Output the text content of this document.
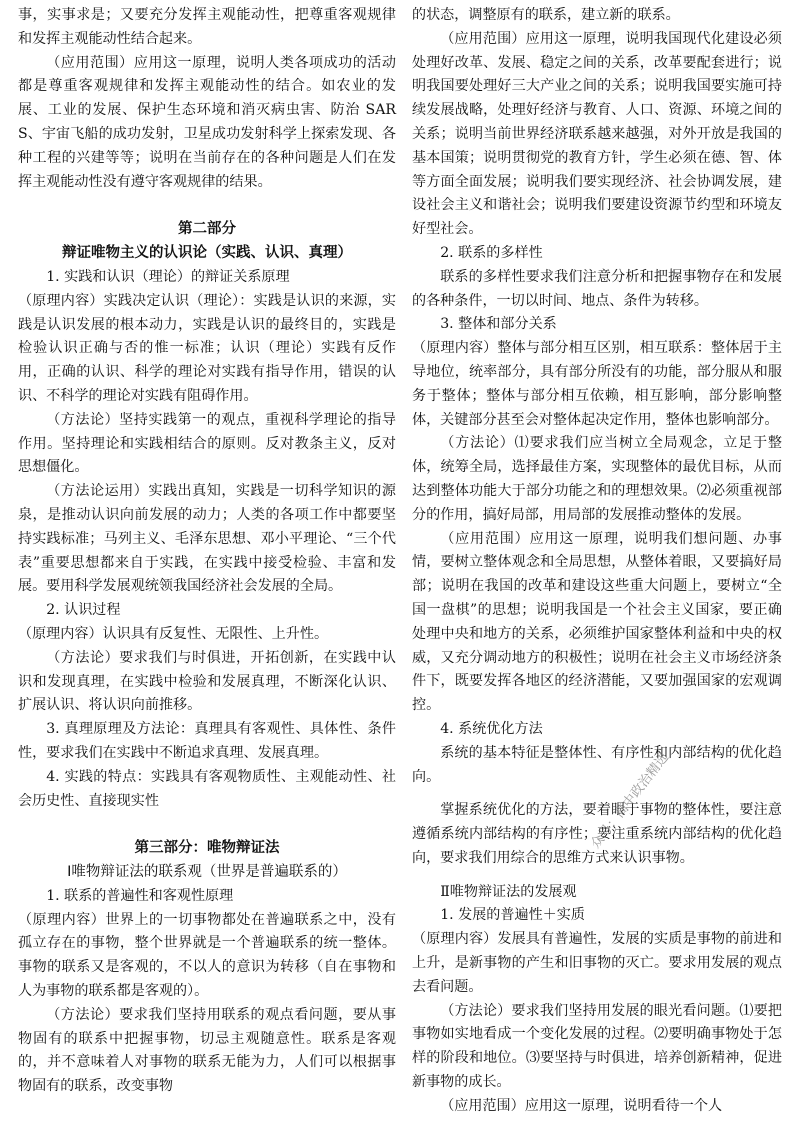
事，实事求是；又要充分发挥主观能动性，把尊重客观规律和发挥主观能动性结合起来。

（应用范围）应用这一原理，说明人类各项成功的活动都是尊重客观规律和发挥主观能动性的结合。如农业的发展、工业的发展、保护生态环境和消灭病虫害、防治 SARS、宇宙飞船的成功发射，卫星成功发射科学上探索发现、各种工程的兴建等等；说明在当前存在的各种问题是人们在发挥主观能动性没有遵守客观规律的结果。

第二部分

辩证唯物主义的认识论（实践、认识、真理）

1. 实践和认识（理论）的辩证关系原理

（原理内容）实践决定认识（理论）：实践是认识的来源，实践是认识发展的根本动力，实践是认识的最终目的，实践是检验认识正确与否的惟一标准；认识（理论）实践有反作用，正确的认识、科学的理论对实践有指导作用，错误的认识、不科学的理论对实践有阻碍作用。

（方法论）坚持实践第一的观点，重视科学理论的指导作用。坚持理论和实践相结合的原则。反对教条主义，反对思想僵化。

（方法论运用）实践出真知，实践是一切科学知识的源泉，是推动认识向前发展的动力；人类的各项工作中都要坚持实践标准；马列主义、毛泽东思想、邓小平理论、“三个代表”重要思想都来自于实践，在实践中接受检验、丰富和发展。要用科学发展观统领我国经济社会发展的全局。

2. 认识过程

（原理内容）认识具有反复性、无限性、上升性。

（方法论）要求我们与时俱进，开拓创新，在实践中认识和发现真理，在实践中检验和发展真理，不断深化认识、扩展认识、将认识向前推移。

3. 真理原理及方法论：真理具有客观性、具体性、条件性，要求我们在实践中不断追求真理、发展真理。

4. 实践的特点：实践具有客观物质性、主观能动性、社会历史性、直接现实性

第三部分：唯物辩证法

Ⅰ唯物辩证法的联系观（世界是普遍联系的）

1. 联系的普遍性和客观性原理

（原理内容）世界上的一切事物都处在普遍联系之中，没有孤立存在的事物，整个世界就是一个普遍联系的统一整体。事物的联系又是客观的，不以人的意识为转移（自在事物和人为事物的联系都是客观的）。

（方法论）要求我们坚持用联系的观点看问题，要从事物固有的联系中把握事物，切忌主观随意性。联系是客观的，并不意味着人对事物的联系无能为力，人们可以根据事物固有的联系，改变事物

的状态，调整原有的联系，建立新的联系。

（应用范围）应用这一原理，说明我国现代化建设必须处理好改革、发展、稳定之间的关系，改革要配套进行；说明我国要处理好三大产业之间的关系；说明我国要实施可持续发展战略，处理好经济与教育、人口、资源、环境之间的关系；说明当前世界经济联系越来越强，对外开放是我国的基本国策；说明贯彻党的教育方针，学生必须在德、智、体等方面全面发展；说明我们要实现经济、社会协调发展，建设社会主义和谐社会；说明我们要建设资源节约型和环境友好型社会。

2. 联系的多样性

联系的多样性要求我们注意分析和把握事物存在和发展的各种条件，一切以时间、地点、条件为转移。

3. 整体和部分关系

（原理内容）整体与部分相互区别，相互联系：整体居于主导地位，统率部分，具有部分所没有的功能，部分服从和服务于整体；整体与部分相互依赖，相互影响，部分影响整体，关键部分甚至会对整体起决定作用，整体也影响部分。

（方法论）⑴要求我们应当树立全局观念，立足于整体，统筹全局，选择最佳方案，实现整体的最优目标，从而达到整体功能大于部分功能之和的理想效果。⑵必须重视部分的作用，搞好局部，用局部的发展推动整体的发展。

（应用范围）应用这一原理，说明我们想问题、办事情，要树立整体观念和全局思想，从整体着眼，又要搞好局部；说明在我国的改革和建设这些重大问题上，要树立“全国一盘棋”的思想；说明我国是一个社会主义国家，要正确处理中央和地方的关系，必须维护国家整体利益和中央的权威，又充分调动地方的积极性；说明在社会主义市场经济条件下，既要发挥各地区的经济潜能，又要加强国家的宏观调控。

4. 系统优化方法

系统的基本特征是整体性、有序性和内部结构的优化趋向。

掌握系统优化的方法，要着眼于事物的整体性，要注意遵循系统内部结构的有序性；要注重系统内部结构的优化趋向，要求我们用综合的思维方式来认识事物。

Ⅱ唯物辩证法的发展观

1. 发展的普遍性＋实质

（原理内容）发展具有普遍性，发展的实质是事物的前进和上升，是新事物的产生和旧事物的灭亡。要求用发展的观点去看问题。

（方法论）要求我们坚持用发展的眼光看问题。⑴要把事物如实地看成一个变化发展的过程。⑵要明确事物处于怎样的阶段和地位。⑶要坚持与时俱进，培养创新精神，促进新事物的成长。

（应用范围）应用这一原理，说明看待一个人

众号：高中政治精选
